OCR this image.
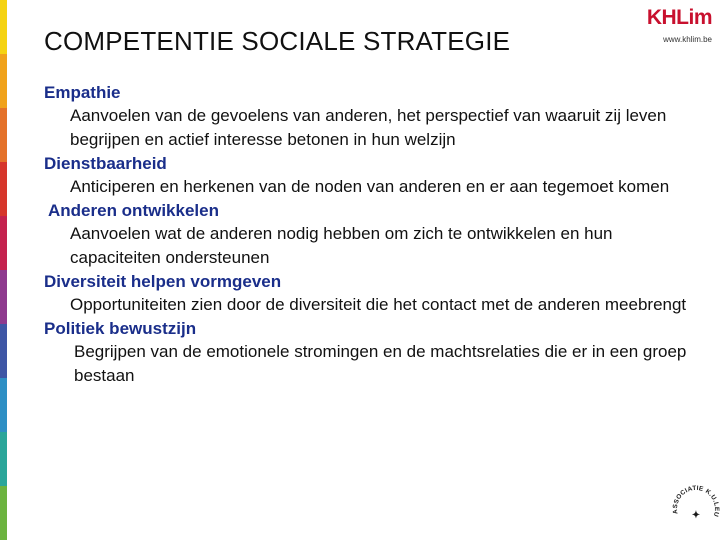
COMPETENTIE SOCIALE STRATEGIE
KHLim
www.khlim.be
Empathie
Aanvoelen van de gevoelens van anderen, het perspectief van waaruit zij leven begrijpen en actief interesse betonen in hun welzijn
Dienstbaarheid
Anticiperen en herkenen van de noden van anderen en er aan tegemoet komen
Anderen ontwikkelen
Aanvoelen wat de anderen nodig hebben om zich te ontwikkelen en hun capaciteiten ondersteunen
Diversiteit helpen vormgeven
Opportuniteiten zien door de diversiteit die het contact met de anderen meebrengt
Politiek bewustzijn
Begrijpen van de emotionele stromingen en de machtsrelaties die er in een groep bestaan
ASSOCIATIE K.U.LEU
✦
